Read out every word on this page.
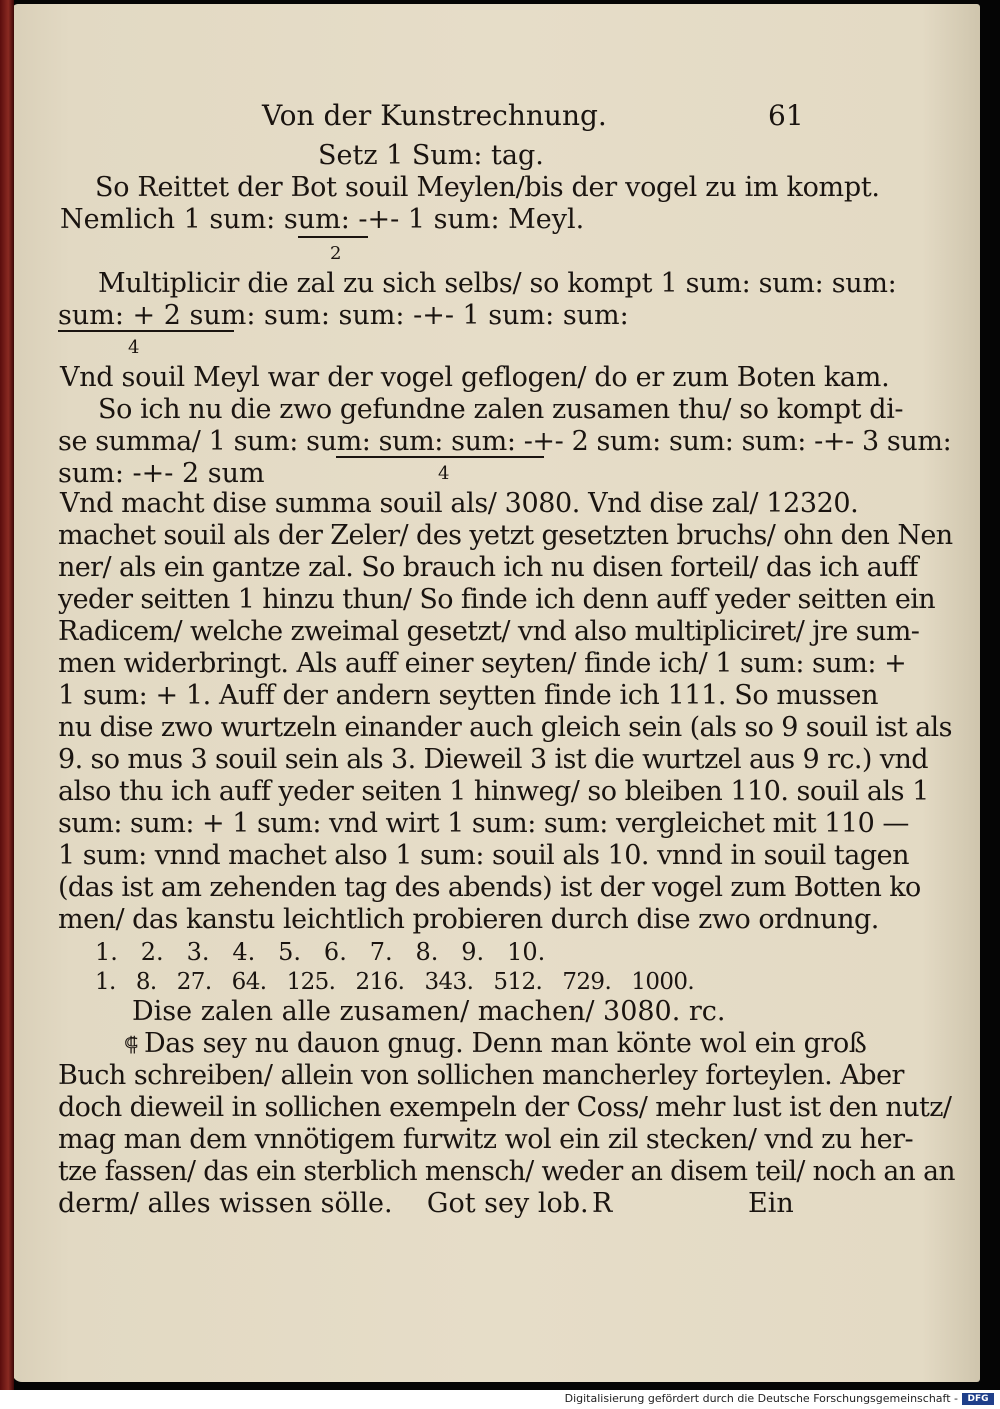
Von der Kunstrechnung.	61
Setz 1 Sum: tag.
So Reittet der Bot souil Meylen/bis der vogel zu im kompt.
Nemlich 1 sum: sum: -+- 1 sum: Meyl.
2
Multiplicir die zal zu sich selbs/ so kompt 1 sum: sum: sum:
sum: + 2 sum: sum: sum: -+- 1 sum: sum:
4
Vnd souil Meyl war der vogel geflogen/ do er zum Boten kam.
So ich nu die zwo gefundne zalen zusamen thu/ so kompt di-
se summa/ 1 sum: sum: sum: sum: -+- 2 sum: sum: sum: -+- 3 sum:
sum: -+- 2 sum	4
Vnd macht dise summa souil als/ 3080. Vnd dise zal/ 12320.
machet souil als der Zeler/ des yetzt gesetzten bruchs/ ohn den Nen
ner/ als ein gantze zal. So brauch ich nu disen forteil/ das ich auff
yeder seitten 1 hinzu thun/ So finde ich denn auff yeder seitten ein
Radicem/ welche zweimal gesetzt/ vnd also multipliciret/ jre sum-
men widerbringt. Als auff einer seyten/ finde ich/ 1 sum: sum: +
1 sum: + 1. Auff der andern seytten finde ich 111. So mussen
nu dise zwo wurtzeln einander auch gleich sein (als so 9 souil ist als
9. so mus 3 souil sein als 3. Dieweil 3 ist die wurtzel aus 9 rc.) vnd
also thu ich auff yeder seiten 1 hinweg/ so bleiben 110. souil als 1
sum: sum: + 1 sum: vnd wirt 1 sum: sum: vergleichet mit 110 —
1 sum: vnnd machet also 1 sum: souil als 10. vnnd in souil tagen
(das ist am zehenden tag des abends) ist der vogel zum Botten ko
men/ das kanstu leichtlich probieren durch dise zwo ordnung.
1.   2.   3.   4.   5.   6.   7.   8.   9.   10.
1.   8.   27.   64.   125.   216.   343.   512.   729.   1000.
Dise zalen alle zusamen/ machen/ 3080. rc.
⸿ Das sey nu dauon gnug. Denn man könte wol ein groß
Buch schreiben/ allein von sollichen mancherley forteylen. Aber
doch dieweil in sollichen exempeln der Coss/ mehr lust ist den nutz/
mag man dem vnnötigem furwitz wol ein zil stecken/ vnd zu her-
tze fassen/ das ein sterblich mensch/ weder an disem teil/ noch an an
derm/ alles wissen sölle.    Got sey lob. R	Ein
Digitalisierung gefördert durch die Deutsche Forschungsgemeinschaft -	DFG
